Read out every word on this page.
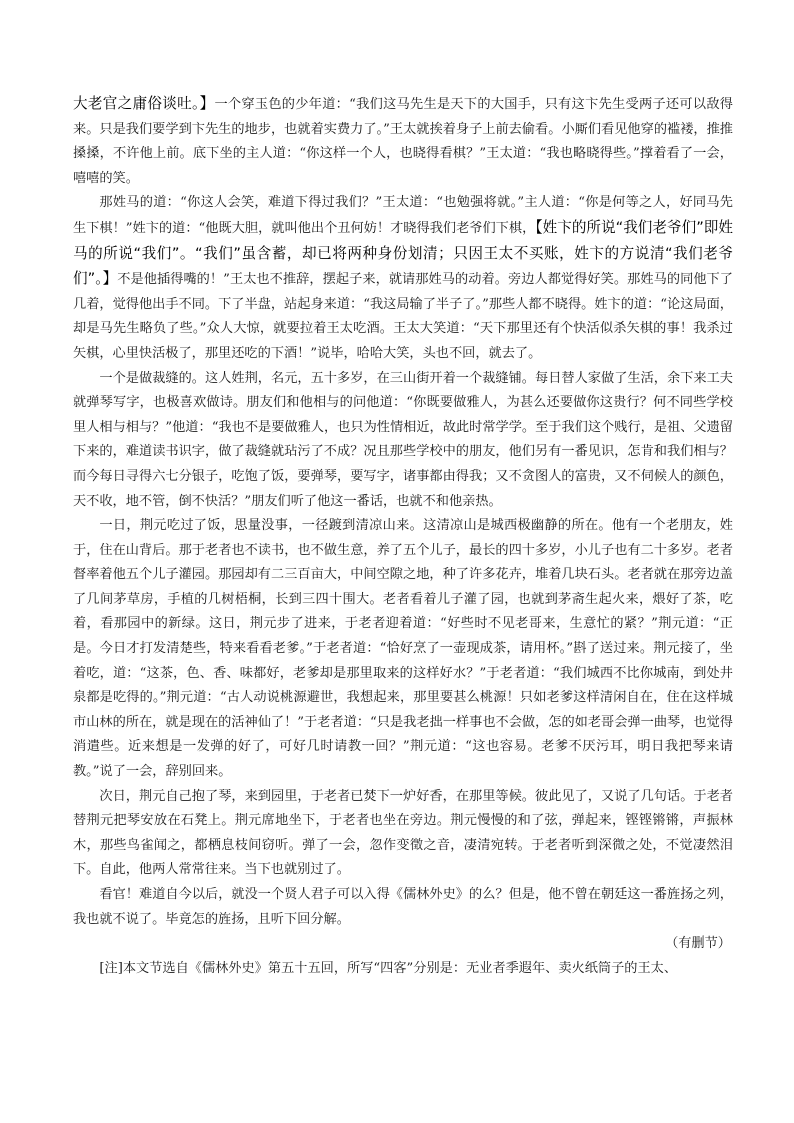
大老官之庸俗谈吐。】一个穿玉色的少年道：“我们这马先生是天下的大国手，只有这卞先生受两子还可以敌得来。只是我们要学到卞先生的地步，也就着实费力了。”王太就挨着身子上前去偷看。小厮们看见他穿的褴褛，推推搡搡，不许他上前。底下坐的主人道：“你这样一个人，也晓得看棋？”王太道：“我也略晓得些。”撑着看了一会，嘻嘻的笑。

那姓马的道：“你这人会笑，难道下得过我们？”王太道：“也勉强将就。”主人道：“你是何等之人，好同马先生下棋！”姓卞的道：“他既大胆，就叫他出个丑何妨！才晓得我们老爷们下棋，【姓卞的所说“我们老爷们”即姓马的所说“我们”。“我们”虽含蓄，却已将两种身份划清；只因王太不买账，姓卞的方说清“我们老爷们”。】不是他插得嘴的！”王太也不推辞，摆起子来，就请那姓马的动着。旁边人都觉得好笑。那姓马的同他下了几着，觉得他出手不同。下了半盘，站起身来道：“我这局输了半子了。”那些人都不晓得。姓卞的道：“论这局面，却是马先生略负了些。”众人大惊，就要拉着王太吃酒。王太大笑道：“天下那里还有个快活似杀矢棋的事！我杀过矢棋，心里快活极了，那里还吃的下酒！”说毕，哈哈大笑，头也不回，就去了。

一个是做裁缝的。这人姓荆，名元，五十多岁，在三山街开着一个裁缝铺。每日替人家做了生活，余下来工夫就弹琴写字，也极喜欢做诗。朋友们和他相与的问他道：“你既要做雅人，为甚么还要做你这贵行？何不同些学校里人相与相与？”他道：“我也不是要做雅人，也只为性情相近，故此时常学学。至于我们这个贱行，是祖、父遗留下来的，难道读书识字，做了裁缝就玷污了不成？况且那些学校中的朋友，他们另有一番见识，怎肯和我们相与？而今每日寻得六七分银子，吃饱了饭，要弹琴，要写字，诸事都由得我；又不贪图人的富贵，又不伺候人的颜色，天不收，地不管，倒不快活？”朋友们听了他这一番话，也就不和他亲热。

一日，荆元吃过了饭，思量没事，一径踱到清凉山来。这清凉山是城西极幽静的所在。他有一个老朋友，姓于，住在山背后。那于老者也不读书，也不做生意，养了五个儿子，最长的四十多岁，小儿子也有二十多岁。老者督率着他五个儿子灌园。那园却有二三百亩大，中间空隙之地，种了许多花卉，堆着几块石头。老者就在那旁边盖了几间茅草房，手植的几树梧桐，长到三四十围大。老者看着儿子灌了园，也就到茅斋生起火来，煨好了茶，吃着，看那园中的新绿。这日，荆元步了进来，于老者迎着道：“好些时不见老哥来，生意忙的紧？”荆元道：“正是。今日才打发清楚些，特来看看老爹。”于老者道：“恰好烹了一壶现成茶，请用杯。”斟了送过来。荆元接了，坐着吃，道：“这茶，色、香、味都好，老爹却是那里取来的这样好水？”于老者道：“我们城西不比你城南，到处井泉都是吃得的。”荆元道：“古人动说桃源避世，我想起来，那里要甚么桃源！只如老爹这样清闲自在，住在这样城市山林的所在，就是现在的活神仙了！”于老者道：“只是我老拙一样事也不会做，怎的如老哥会弹一曲琴，也觉得消遣些。近来想是一发弹的好了，可好几时请教一回？”荆元道：“这也容易。老爹不厌污耳，明日我把琴来请教。”说了一会，辞别回来。

次日，荆元自己抱了琴，来到园里，于老者已焚下一炉好香，在那里等候。彼此见了，又说了几句话。于老者替荆元把琴安放在石凳上。荆元席地坐下，于老者也坐在旁边。荆元慢慢的和了弦，弹起来，铿铿锵锵，声振林木，那些鸟雀闻之，都栖息枝间窃听。弹了一会，忽作变徵之音，凄清宛转。于老者听到深微之处，不觉凄然泪下。自此，他两人常常往来。当下也就别过了。

看官！难道自今以后，就没一个贤人君子可以入得《儒林外史》的么？但是，他不曾在朝廷这一番旌扬之列，我也就不说了。毕竟怎的旌扬，且听下回分解。

（有删节）

[注]本文节选自《儒林外史》第五十五回，所写“四客”分别是：无业者季遐年、卖火纸筒子的王太、
